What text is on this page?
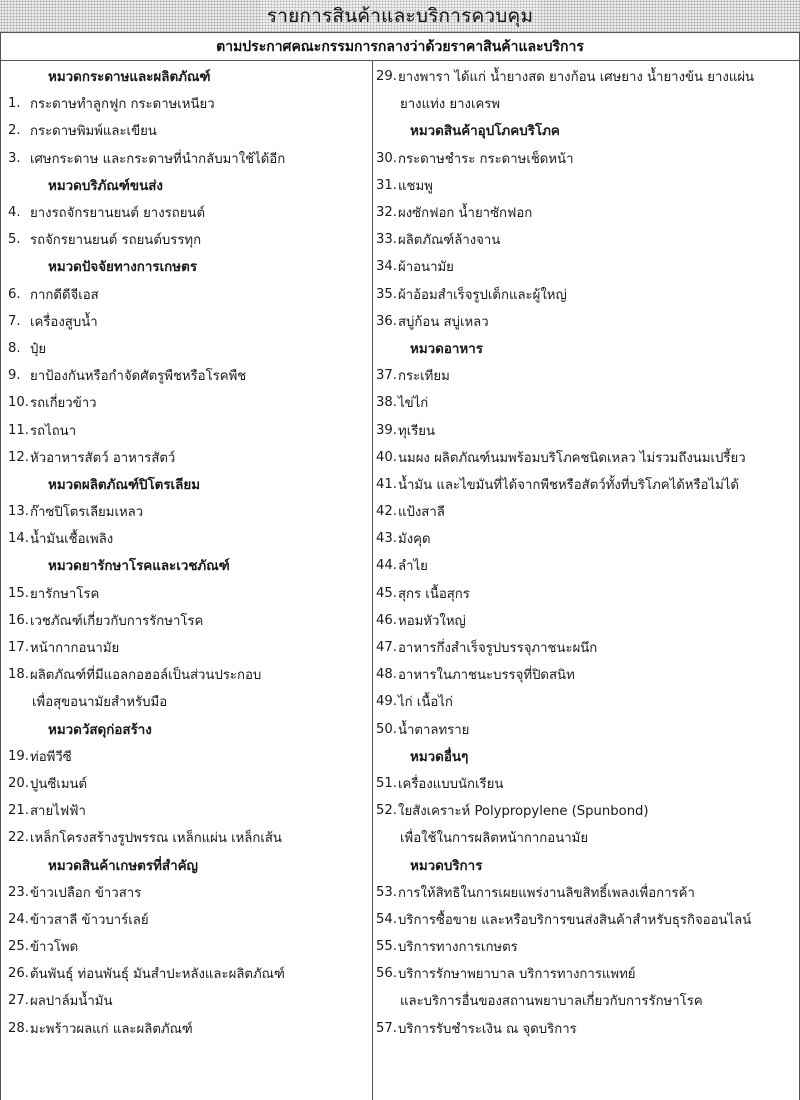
รายการสินค้าและบริการควบคุม
ตามประกาศคณะกรรมการกลางว่าด้วยราคาสินค้าและบริการ
หมวดกระดาษและผลิตภัณฑ์
1. กระดาษทำลูกฟูก กระดาษเหนียว
2. กระดาษพิมพ์และเขียน
3. เศษกระดาษ และกระดาษที่นำกลับมาใช้ได้อีก
หมวดบริภัณฑ์ขนส่ง
4. ยางรถจักรยานยนต์ ยางรถยนต์
5. รถจักรยานยนต์ รถยนต์บรรทุก
หมวดปัจจัยทางการเกษตร
6. กากดีดีจีเอส
7. เครื่องสูบน้ำ
8. ปุ๋ย
9. ยาป้องกันหรือกำจัดศัตรูพืชหรือโรคพืช
10. รถเกี่ยวข้าว
11. รถไถนา
12. หัวอาหารสัตว์ อาหารสัตว์
หมวดผลิตภัณฑ์ปิโตรเลียม
13. ก๊าซปิโตรเลียมเหลว
14. น้ำมันเชื้อเพลิง
หมวดยารักษาโรคและเวชภัณฑ์
15. ยารักษาโรค
16. เวชภัณฑ์เกี่ยวกับการรักษาโรค
17. หน้ากากอนามัย
18. ผลิตภัณฑ์ที่มีแอลกอฮอล์เป็นส่วนประกอบ
เพื่อสุขอนามัยสำหรับมือ
หมวดวัสดุก่อสร้าง
19. ท่อพีวีซี
20. ปูนซีเมนต์
21. สายไฟฟ้า
22. เหล็กโครงสร้างรูปพรรณ เหล็กแผ่น เหล็กเส้น
หมวดสินค้าเกษตรที่สำคัญ
23. ข้าวเปลือก ข้าวสาร
24. ข้าวสาลี ข้าวบาร์เลย์
25. ข้าวโพด
26. ต้นพันธุ์ ท่อนพันธุ์ มันสำปะหลังและผลิตภัณฑ์
27. ผลปาล์มน้ำมัน
28. มะพร้าวผลแก่ และผลิตภัณฑ์
29. ยางพารา ได้แก่ น้ำยางสด ยางก้อน เศษยาง น้ำยางข้น ยางแผ่น
ยางแท่ง ยางเครพ
หมวดสินค้าอุปโภคบริโภค
30. กระดาษชำระ กระดาษเช็ดหน้า
31. แชมพู
32. ผงซักฟอก น้ำยาซักฟอก
33. ผลิตภัณฑ์ล้างจาน
34. ผ้าอนามัย
35. ผ้าอ้อมสำเร็จรูปเด็กและผู้ใหญ่
36. สบู่ก้อน สบู่เหลว
หมวดอาหาร
37. กระเทียม
38. ไข่ไก่
39. ทุเรียน
40. นมผง ผลิตภัณฑ์นมพร้อมบริโภคชนิดเหลว ไม่รวมถึงนมเปรี้ยว
41. น้ำมัน และไขมันที่ได้จากพืชหรือสัตว์ทั้งที่บริโภคได้หรือไม่ได้
42. แป้งสาลี
43. มังคุด
44. ลำไย
45. สุกร เนื้อสุกร
46. หอมหัวใหญ่
47. อาหารกึ่งสำเร็จรูปบรรจุภาชนะผนึก
48. อาหารในภาชนะบรรจุที่ปิดสนิท
49. ไก่ เนื้อไก่
50. น้ำตาลทราย
หมวดอื่นๆ
51. เครื่องแบบนักเรียน
52. ใยสังเคราะห์ Polypropylene (Spunbond)
เพื่อใช้ในการผลิตหน้ากากอนามัย
หมวดบริการ
53. การให้สิทธิในการเผยแพร่งานลิขสิทธิ์เพลงเพื่อการค้า
54. บริการซื้อขาย และหรือบริการขนส่งสินค้าสำหรับธุรกิจออนไลน์
55. บริการทางการเกษตร
56. บริการรักษาพยาบาล บริการทางการแพทย์
และบริการอื่นของสถานพยาบาลเกี่ยวกับการรักษาโรค
57. บริการรับชำระเงิน ณ จุดบริการ
